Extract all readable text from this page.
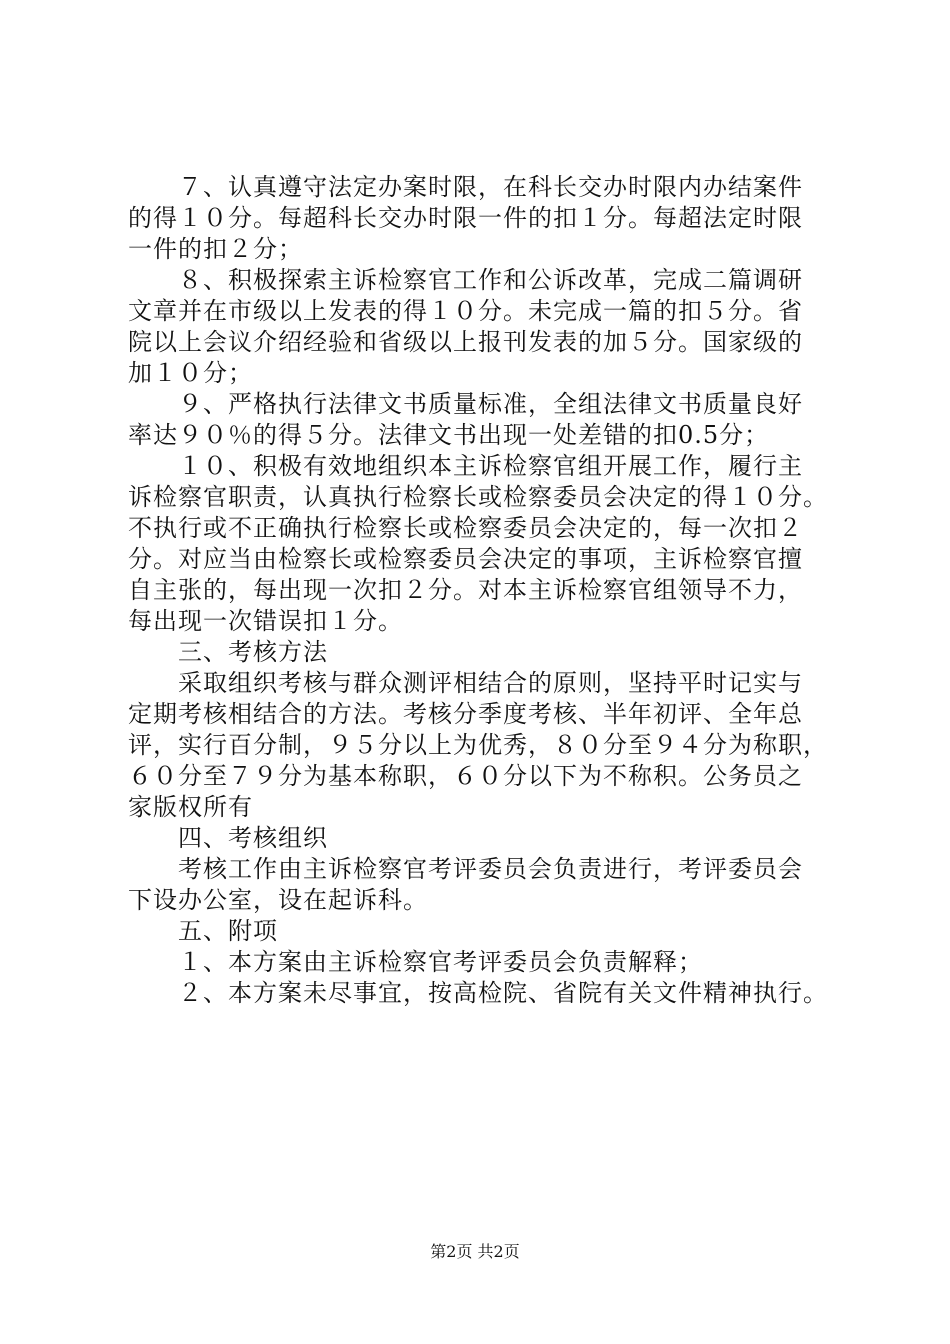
　　７、认真遵守法定办案时限，在科长交办时限内办结案件
的得１０分。每超科长交办时限一件的扣１分。每超法定时限
一件的扣２分；
　　８、积极探索主诉检察官工作和公诉改革，完成二篇调研
文章并在市级以上发表的得１０分。未完成一篇的扣５分。省
院以上会议介绍经验和省级以上报刊发表的加５分。国家级的
加１０分；
　　９、严格执行法律文书质量标准，全组法律文书质量良好
率达９０％的得５分。法律文书出现一处差错的扣0.5分；
　　１０、积极有效地组织本主诉检察官组开展工作，履行主
诉检察官职责，认真执行检察长或检察委员会决定的得１０分。
不执行或不正确执行检察长或检察委员会决定的，每一次扣２
分。对应当由检察长或检察委员会决定的事项，主诉检察官擅
自主张的，每出现一次扣２分。对本主诉检察官组领导不力，
每出现一次错误扣１分。
　　三、考核方法
　　采取组织考核与群众测评相结合的原则，坚持平时记实与
定期考核相结合的方法。考核分季度考核、半年初评、全年总
评，实行百分制，９５分以上为优秀，８０分至９４分为称职，
６０分至７９分为基本称职，６０分以下为不称积。公务员之
家版权所有
　　四、考核组织
　　考核工作由主诉检察官考评委员会负责进行，考评委员会
下设办公室，设在起诉科。
　　五、附项
　　１、本方案由主诉检察官考评委员会负责解释；
　　２、本方案未尽事宜，按高检院、省院有关文件精神执行。
第2页 共2页
